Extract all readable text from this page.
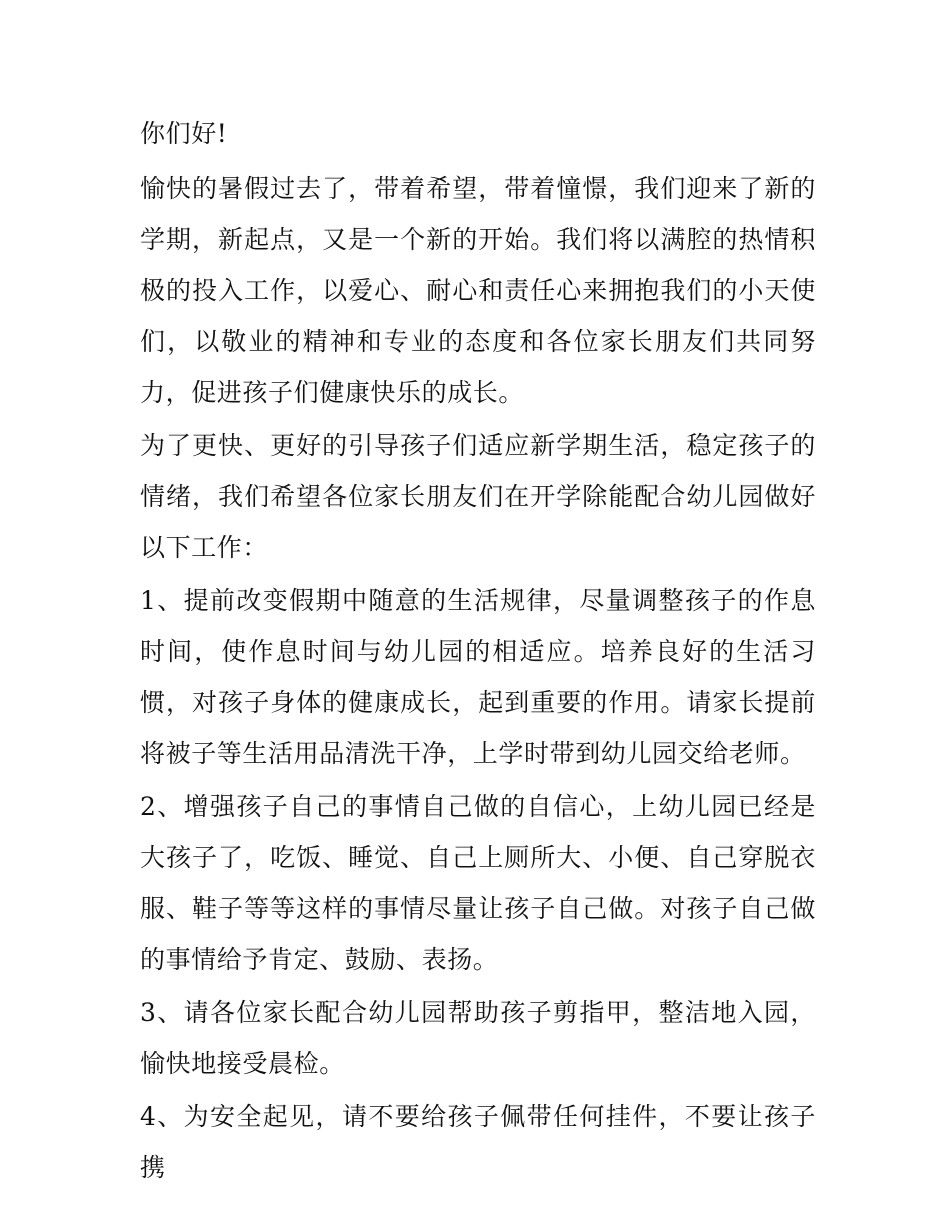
你们好!

愉快的暑假过去了，带着希望，带着憧憬，我们迎来了新的学期，新起点，又是一个新的开始。我们将以满腔的热情积极的投入工作，以爱心、耐心和责任心来拥抱我们的小天使们，以敬业的精神和专业的态度和各位家长朋友们共同努力，促进孩子们健康快乐的成长。

为了更快、更好的引导孩子们适应新学期生活，稳定孩子的情绪，我们希望各位家长朋友们在开学除能配合幼儿园做好以下工作：

1、提前改变假期中随意的生活规律，尽量调整孩子的作息时间，使作息时间与幼儿园的相适应。培养良好的生活习惯，对孩子身体的健康成长，起到重要的作用。请家长提前将被子等生活用品清洗干净，上学时带到幼儿园交给老师。

2、增强孩子自己的事情自己做的自信心，上幼儿园已经是大孩子了，吃饭、睡觉、自己上厕所大、小便、自己穿脱衣服、鞋子等等这样的事情尽量让孩子自己做。对孩子自己做的事情给予肯定、鼓励、表扬。

3、请各位家长配合幼儿园帮助孩子剪指甲，整洁地入园，愉快地接受晨检。

4、为安全起见，请不要给孩子佩带任何挂件，不要让孩子携
